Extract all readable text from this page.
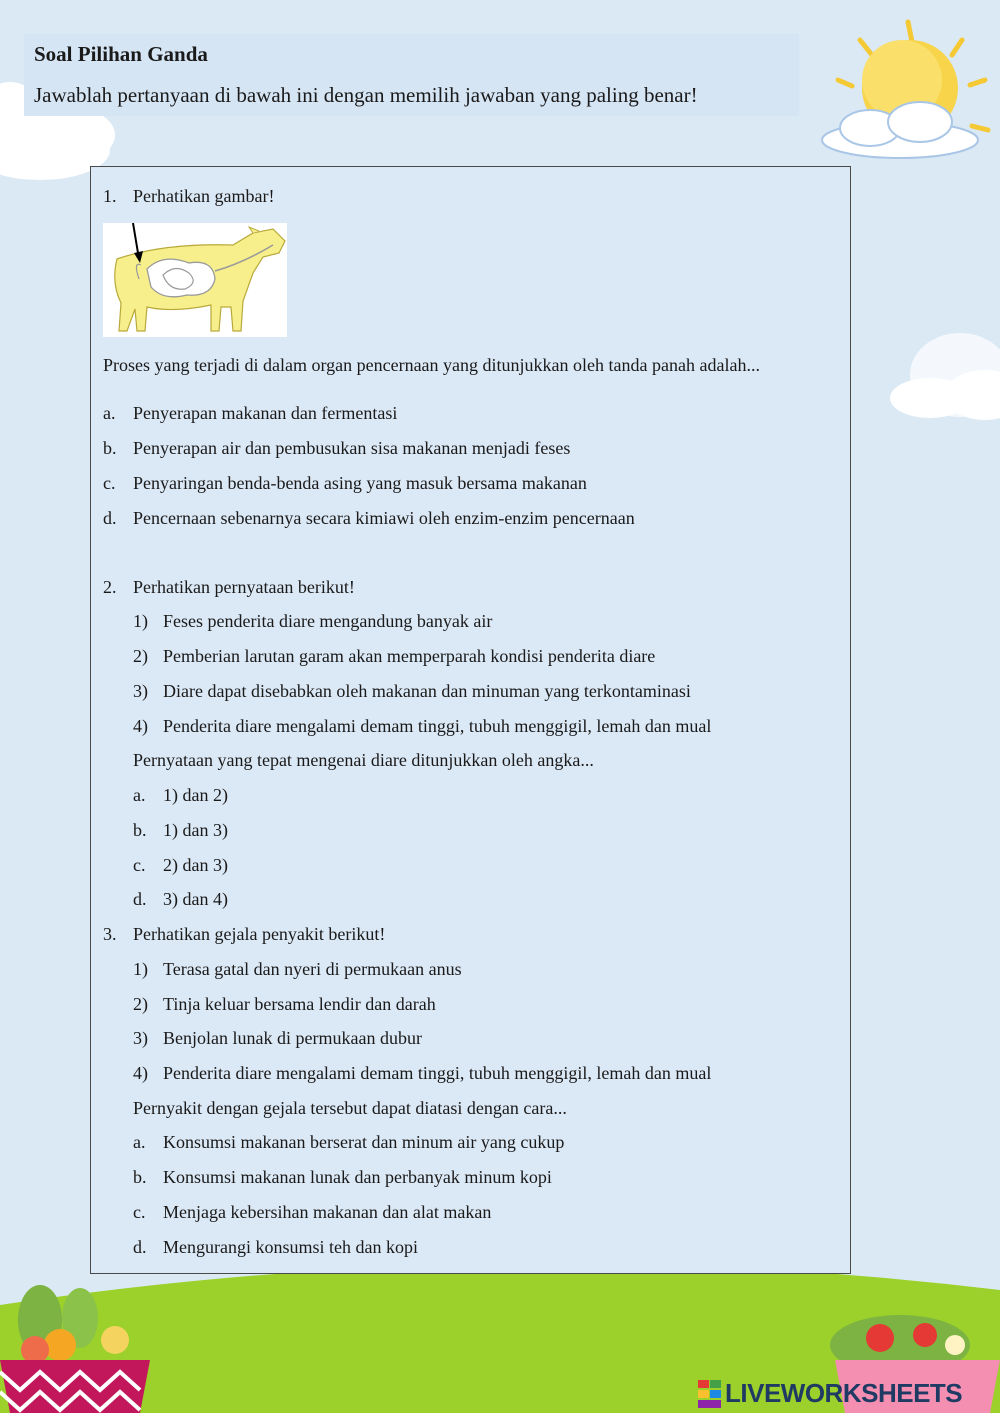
Soal Pilihan Ganda

Jawablah pertanyaan di bawah ini dengan memilih jawaban yang paling benar!

1. Perhatikan gambar!
Proses yang terjadi di dalam organ pencernaan yang ditunjukkan oleh tanda panah adalah...
a. Penyerapan makanan dan fermentasi
b. Penyerapan air dan pembusukan sisa makanan menjadi feses
c. Penyaringan benda-benda asing yang masuk bersama makanan
d. Pencernaan sebenarnya secara kimiawi oleh enzim-enzim pencernaan
2. Perhatikan pernyataan berikut!
1) Feses penderita diare mengandung banyak air
2) Pemberian larutan garam akan memperparah kondisi penderita diare
3) Diare dapat disebabkan oleh makanan dan minuman yang terkontaminasi
4) Penderita diare mengalami demam tinggi, tubuh menggigil, lemah dan mual
Pernyataan yang tepat mengenai diare ditunjukkan oleh angka...
a. 1) dan 2)
b. 1) dan 3)
c. 2) dan 3)
d. 3) dan 4)
3. Perhatikan gejala penyakit berikut!
1) Terasa gatal dan nyeri di permukaan anus
2) Tinja keluar bersama lendir dan darah
3) Benjolan lunak di permukaan dubur
4) Penderita diare mengalami demam tinggi, tubuh menggigil, lemah dan mual
Pernyakit dengan gejala tersebut dapat diatasi dengan cara...
a. Konsumsi makanan berserat dan minum air yang cukup
b. Konsumsi makanan lunak dan perbanyak minum kopi
c. Menjaga kebersihan makanan dan alat makan
d. Mengurangi konsumsi teh dan kopi
LIVEWORKSHEETS
